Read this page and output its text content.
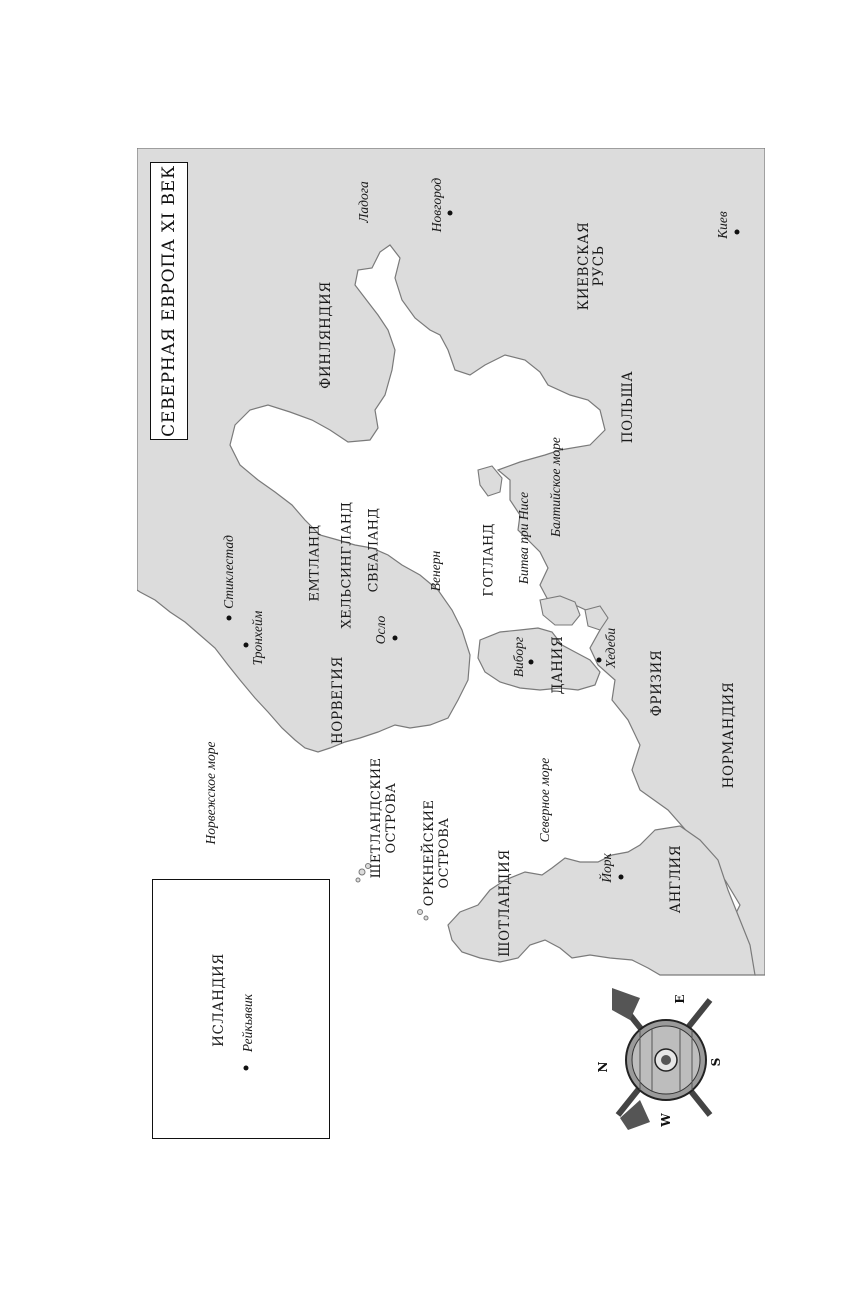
СЕВЕРНАЯ ЕВРОПА XI ВЕК	ФИНЛЯНДИЯ
КИЕВСКАЯ РУСЬ
ПОЛЬША
НОРВЕГИЯ	ДАНИЯ	ФРИЗИЯ	НОРМАНДИЯ
АНГЛИЯ
ШОТЛАНДИЯ
ИСЛАНДИЯ
ЕМТЛАНД ХЕЛЬСИНГЛАНД СВЕАЛАНД	ГОТЛАНД
ШЕТЛАНДСКИЕ ОСТРОВА ОРКНЕЙСКИЕ ОСТРОВА
Балтийское море
Норвежское море	Северное море
Ладога	Новгород	Киев
Стиклестад
Тронхейм	Осло
Венерн	Битва при Нисе
Виборг	Хедеби
Йорк
Рейкьявик
N
E
S
W
